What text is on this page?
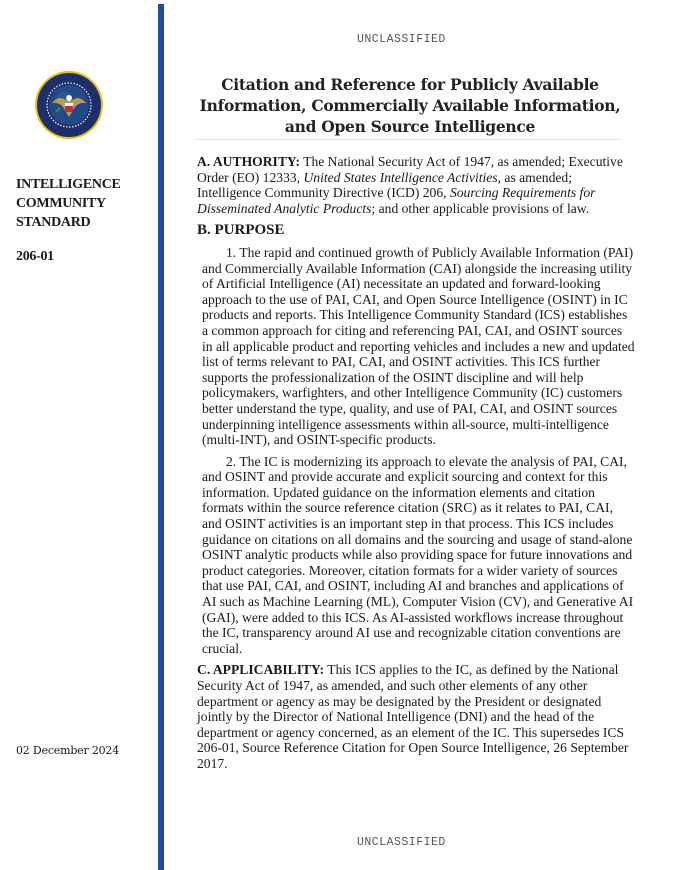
UNCLASSIFIED
INTELLIGENCE
COMMUNITY
STANDARD
206-01
02 December 2024
Citation and Reference for Publicly Available
Information, Commercially Available Information,
and Open Source Intelligence

A. AUTHORITY: The National Security Act of 1947, as amended; Executive Order (EO) 12333, United States Intelligence Activities, as amended; Intelligence Community Directive (ICD) 206, Sourcing Requirements for Disseminated Analytic Products; and other applicable provisions of law.

B. PURPOSE

1. The rapid and continued growth of Publicly Available Information (PAI) and Commercially Available Information (CAI) alongside the increasing utility of Artificial Intelligence (AI) necessitate an updated and forward-looking approach to the use of PAI, CAI, and Open Source Intelligence (OSINT) in IC products and reports. This Intelligence Community Standard (ICS) establishes a common approach for citing and referencing PAI, CAI, and OSINT sources in all applicable product and reporting vehicles and includes a new and updated list of terms relevant to PAI, CAI, and OSINT activities. This ICS further supports the professionalization of the OSINT discipline and will help policymakers, warfighters, and other Intelligence Community (IC) customers better understand the type, quality, and use of PAI, CAI, and OSINT sources underpinning intelligence assessments within all-source, multi-intelligence (multi-INT), and OSINT-specific products.

2. The IC is modernizing its approach to elevate the analysis of PAI, CAI, and OSINT and provide accurate and explicit sourcing and context for this information. Updated guidance on the information elements and citation formats within the source reference citation (SRC) as it relates to PAI, CAI, and OSINT activities is an important step in that process. This ICS includes guidance on citations on all domains and the sourcing and usage of stand-alone OSINT analytic products while also providing space for future innovations and product categories. Moreover, citation formats for a wider variety of sources that use PAI, CAI, and OSINT, including AI and branches and applications of AI such as Machine Learning (ML), Computer Vision (CV), and Generative AI (GAI), were added to this ICS. As AI-assisted workflows increase throughout the IC, transparency around AI use and recognizable citation conventions are crucial.

C. APPLICABILITY: This ICS applies to the IC, as defined by the National Security Act of 1947, as amended, and such other elements of any other department or agency as may be designated by the President or designated jointly by the Director of National Intelligence (DNI) and the head of the department or agency concerned, as an element of the IC. This supersedes ICS 206-01, Source Reference Citation for Open Source Intelligence, 26 September 2017.

UNCLASSIFIED
